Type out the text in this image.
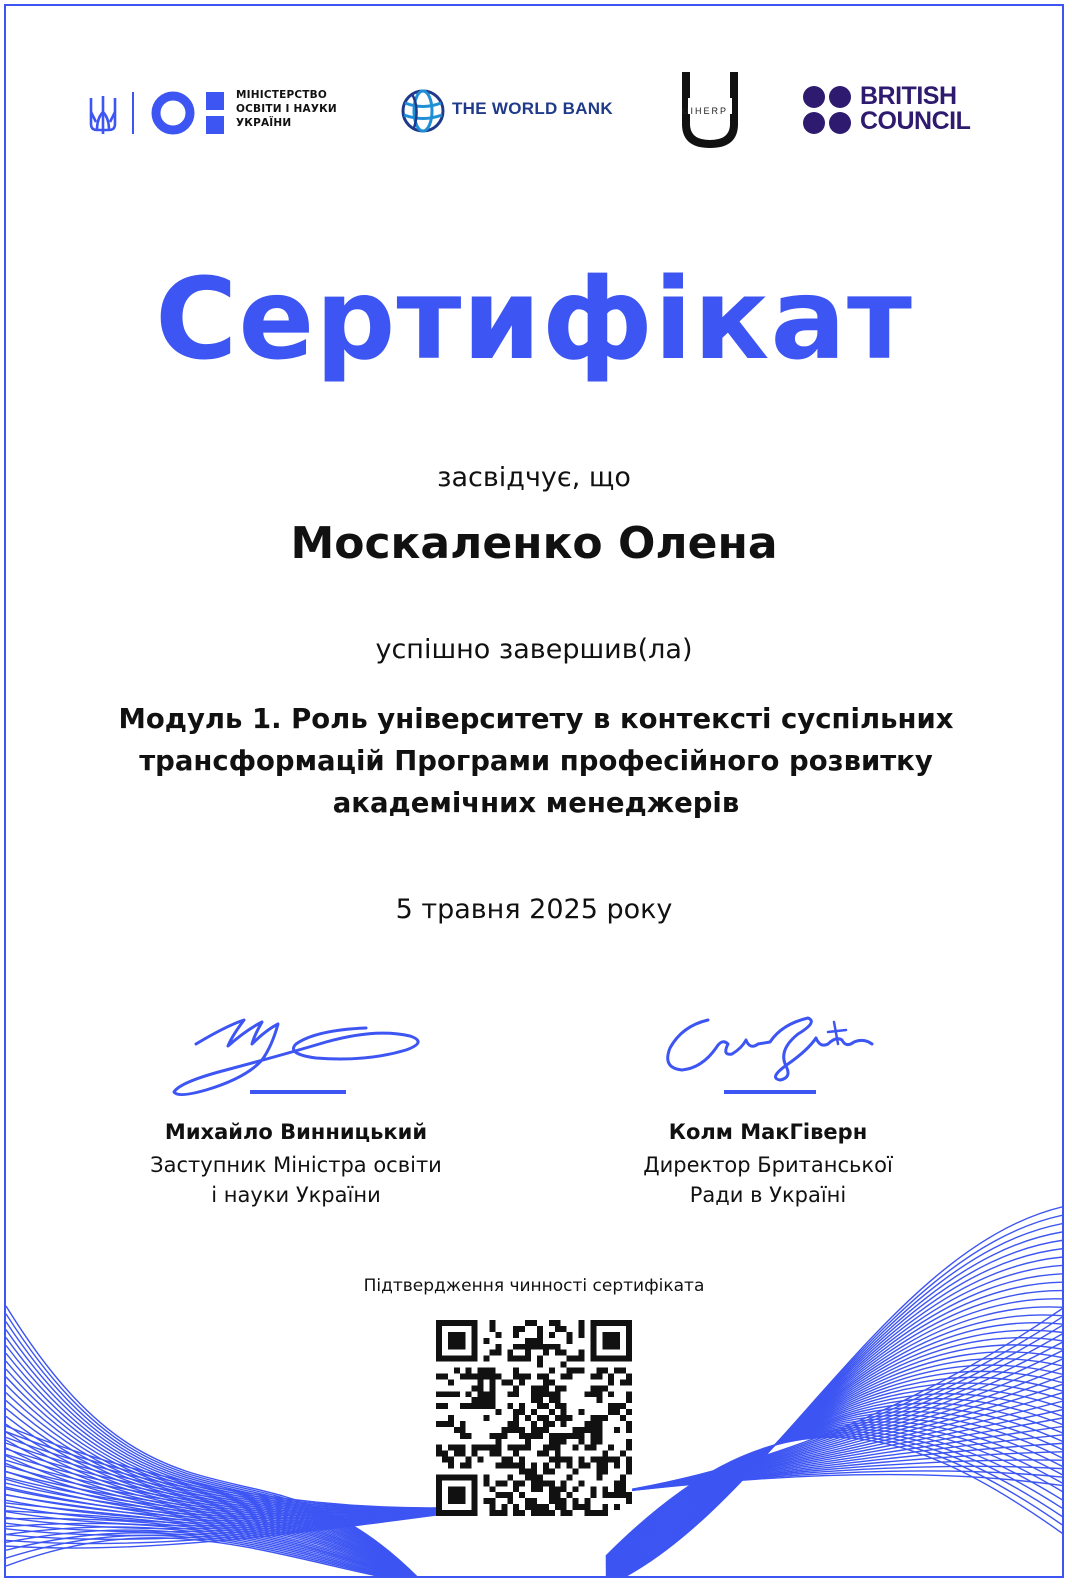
МІНІСТЕРСТВО
ОСВІТИ І НАУКИ
УКРАЇНИ
THE WORLD BANK	UIHERP
BRITISH
COUNCIL
Сертифікат
засвідчує, що
Москаленко Олена
успішно завершив(ла)
Модуль 1. Роль університету в контексті суспільних
трансформацій Програми професійного розвитку
академічних менеджерів
5 травня 2025 року
Михайло Винницький
Заступник Міністра освіти
і науки України
Колм МакГіверн
Директор Британської
Ради в Україні
Підтвердження чинності сертифіката
